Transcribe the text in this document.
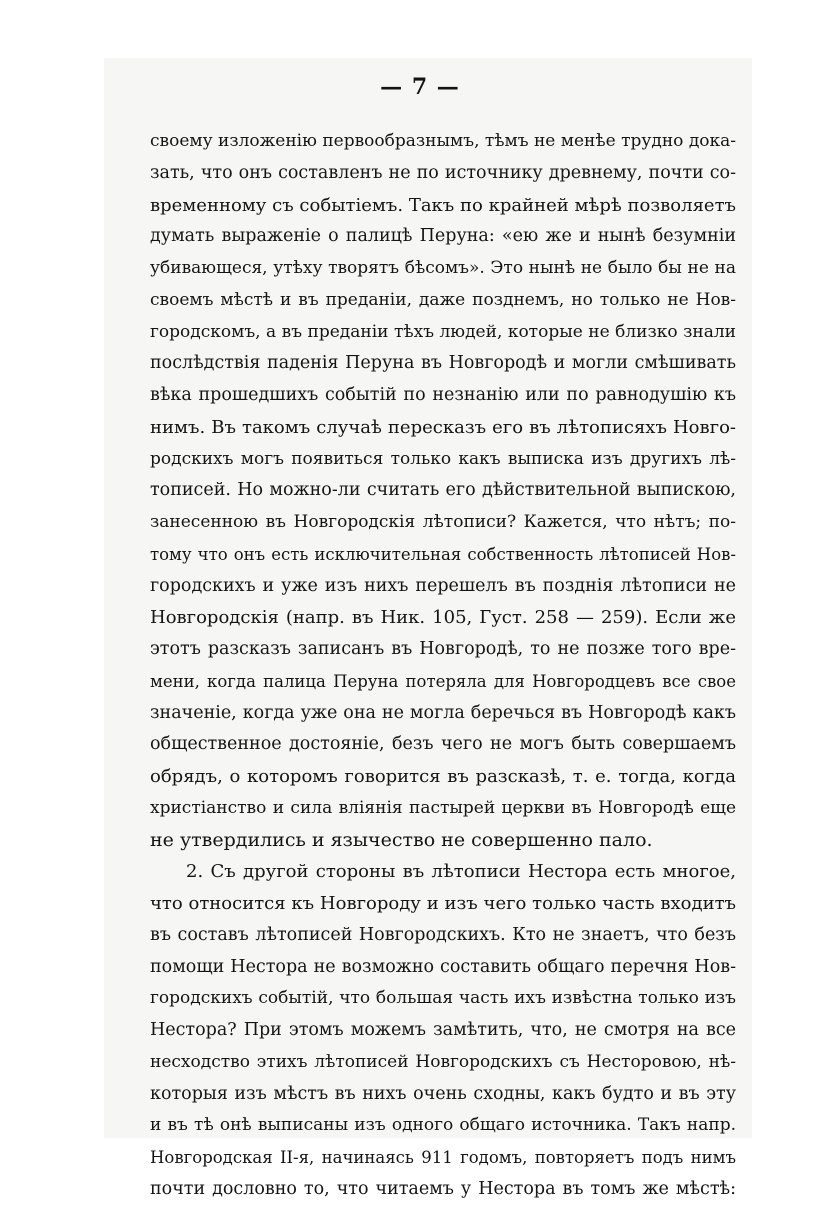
— 7 —
своему изложенію первообразнымъ, тѣмъ не менѣе трудно дока-
зать, что онъ составленъ не по источнику древнему, почти со-
временному съ событіемъ. Такъ по крайней мѣрѣ позволяетъ
думать выраженіе о палицѣ Перуна: «ею же и нынѣ безумніи
убивающеся, утѣху творятъ бѣсомъ». Это нынѣ не было бы не на
своемъ мѣстѣ и въ преданіи, даже позднемъ, но только не Нов-
городскомъ, а въ преданіи тѣхъ людей, которые не близко знали
послѣдствія паденія Перуна въ Новгородѣ и могли смѣшивать
вѣка прошедшихъ событій по незнанію или по равнодушію къ
нимъ. Въ такомъ случаѣ пересказъ его въ лѣтописяхъ Новго-
родскихъ могъ появиться только какъ выписка изъ другихъ лѣ-
тописей. Но можно-ли считать его дѣйствительной выпискою,
занесенною въ Новгородскія лѣтописи? Кажется, что нѣтъ; по-
тому что онъ есть исключительная собственность лѣтописей Нов-
городскихъ и уже изъ нихъ перешелъ въ позднія лѣтописи не
Новгородскія (напр. въ Ник. 105, Густ. 258 — 259). Если же
этотъ разсказъ записанъ въ Новгородѣ, то не позже того вре-
мени, когда палица Перуна потеряла для Новгородцевъ все свое
значеніе, когда уже она не могла беречься въ Новгородѣ какъ
общественное достояніе, безъ чего не могъ быть совершаемъ
обрядъ, о которомъ говорится въ разсказѣ, т. е. тогда, когда
христіанство и сила вліянія пастырей церкви въ Новгородѣ еще
не утвердились и язычество не совершенно пало.
2. Съ другой стороны въ лѣтописи Нестора есть многое,
что относится къ Новгороду и изъ чего только часть входитъ
въ составъ лѣтописей Новгородскихъ. Кто не знаетъ, что безъ
помощи Нестора не возможно составить общаго перечня Нов-
городскихъ событій, что большая часть ихъ извѣстна только изъ
Нестора? При этомъ можемъ замѣтить, что, не смотря на все
несходство этихъ лѣтописей Новгородскихъ съ Несторовою, нѣ-
которыя изъ мѣстъ въ нихъ очень сходны, какъ будто и въ эту
и въ тѣ онѣ выписаны изъ одного общаго источника. Такъ напр.
Новгородская II-я, начинаясь 911 годомъ, повторяетъ подъ нимъ
почти дословно то, что читаемъ у Нестора въ томъ же мѣстѣ:
